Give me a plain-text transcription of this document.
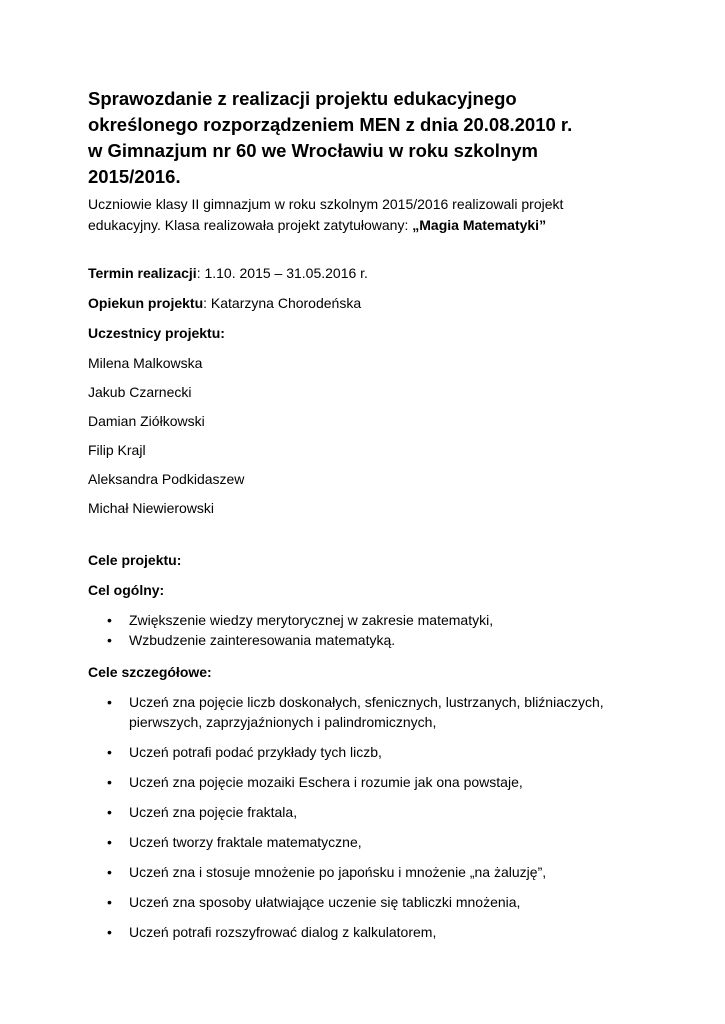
Sprawozdanie z realizacji projektu edukacyjnego
określonego rozporządzeniem MEN z dnia 20.08.2010 r.
w Gimnazjum nr 60 we Wrocławiu w roku szkolnym
2015/2016.

Uczniowie klasy II gimnazjum w roku szkolnym 2015/2016 realizowali projekt
edukacyjny. Klasa realizowała projekt zatytułowany: „Magia Matematyki”

Termin realizacji: 1.10. 2015 – 31.05.2016 r.

Opiekun projektu: Katarzyna Chorodeńska

Uczestnicy projektu:

Milena Malkowska

Jakub Czarnecki

Damian Ziółkowski

Filip Krajl

Aleksandra Podkidaszew

Michał Niewierowski

Cele projektu:

Cel ogólny:

• Zwiększenie wiedzy merytorycznej w zakresie matematyki,
• Wzbudzenie zainteresowania matematyką.

Cele szczegółowe:

• Uczeń zna pojęcie liczb doskonałych, sfenicznych, lustrzanych, bliźniaczych, pierwszych, zaprzyjaźnionych i palindromicznych,
• Uczeń potrafi podać przykłady tych liczb,
• Uczeń zna pojęcie mozaiki Eschera i rozumie jak ona powstaje,
• Uczeń zna pojęcie fraktala,
• Uczeń tworzy fraktale matematyczne,
• Uczeń zna i stosuje mnożenie po japońsku i mnożenie „na żaluzję”,
• Uczeń zna sposoby ułatwiające uczenie się tabliczki mnożenia,
• Uczeń potrafi rozszyfrować dialog z kalkulatorem,
